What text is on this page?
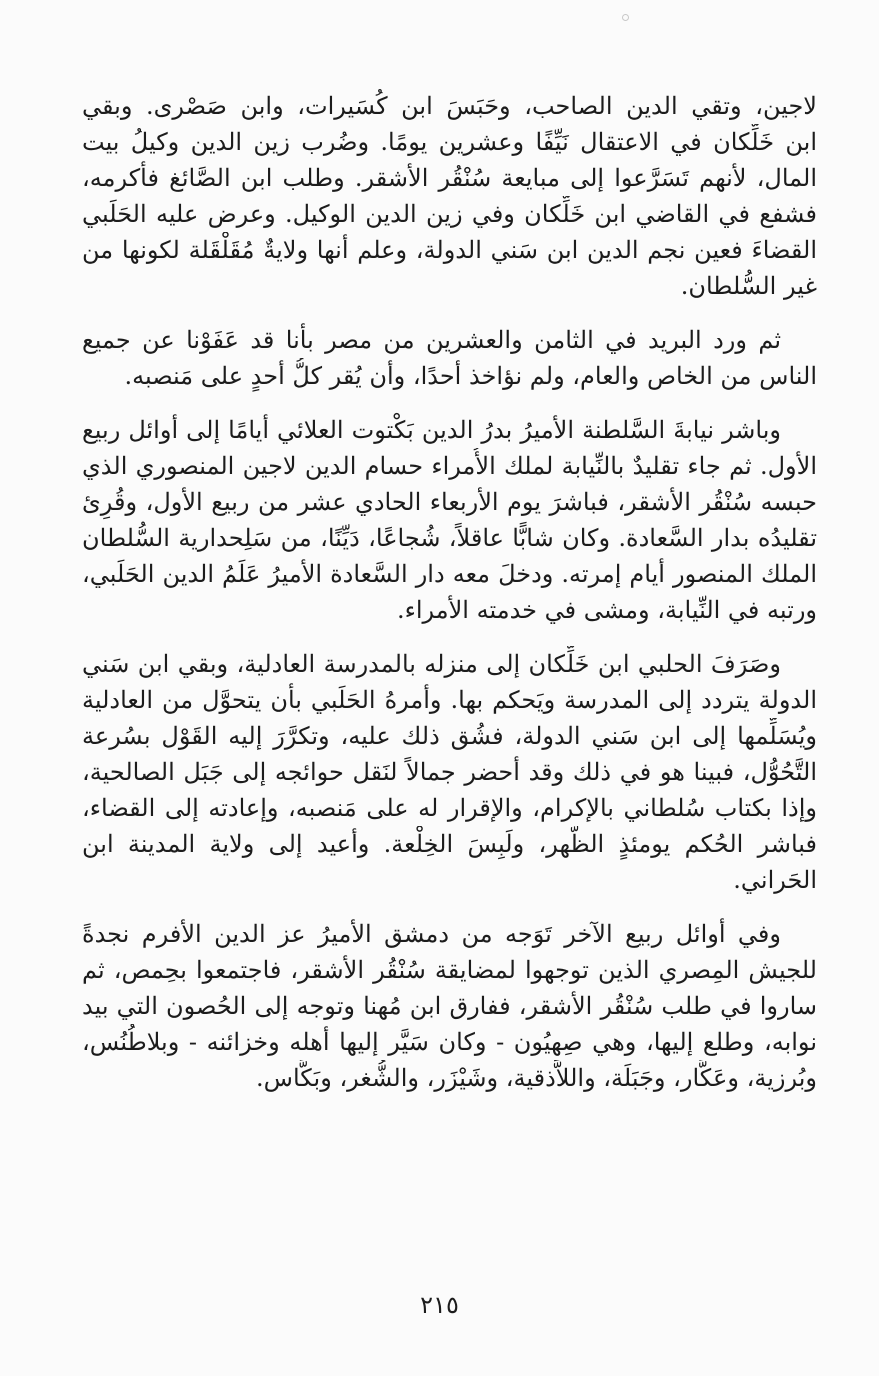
لاجين، وتقي الدين الصاحب، وحَبَسَ ابن كُسَيرات، وابن صَصْرى. وبقي
ابن خَلِّكان في الاعتقال نَيِّفًا وعشرين يومًا. وضُرب زين الدين وكيلُ بيت
المال، لأنهم تَسَرَّعوا إلى مبايعة سُنْقُر الأشقر. وطلب ابن الصَّائغ فأكرمه،
فشفع في القاضي ابن خَلِّكان وفي زين الدين الوكيل. وعرض عليه الحَلَبي
القضاءَ فعين نجم الدين ابن سَني الدولة، وعلم أنها ولايةٌ مُقَلْقَلة لكونها من
غير السُّلطان.
ثم ورد البريد في الثامن والعشرين من مصر بأنا قد عَفَوْنا عن جميع
الناس من الخاص والعام، ولم نؤاخذ أحدًا، وأن يُقر كلُّ أحدٍ على مَنصبه.
وباشر نيابةَ السَّلطنة الأميرُ بدرُ الدين بَكْتوت العلائي أيامًا إلى أوائل ربيع
الأول. ثم جاء تقليدٌ بالنِّيابة لملك الأُمراء حسام الدين لاجين المنصوري الذي
حبسه سُنْقُر الأشقر، فباشرَ يوم الأربعاء الحادي عشر من ربيع الأول، وقُرِئ
تقليدُه بدار السَّعادة. وكان شابًّا عاقلاً، شُجاعًا، دَيِّنًا، من سَلِحدارية السُّلطان
الملك المنصور أيام إمرته. ودخلَ معه دار السَّعادة الأميرُ عَلَمُ الدين الحَلَبي،
ورتبه في النِّيابة، ومشى في خدمته الأمراء.
وصَرَفَ الحلبي ابن خَلِّكان إلى منزله بالمدرسة العادلية، وبقي ابن سَني
الدولة يتردد إلى المدرسة ويَحكم بها. وأمرهُ الحَلَبي بأن يتحوَّل من العادلية
ويُسَلِّمها إلى ابن سَني الدولة، فشُق ذلك عليه، وتكرَّرَ إليه القَوْل بسُرعة
التَّحُوُّل، فبينا هو في ذلك وقد أحضر جمالاً لنَقل حوائجه إلى جَبَل الصالحية،
وإذا بكتاب سُلطاني بالإكرام، والإقرار له على مَنصبه، وإعادته إلى القضاء،
فباشر الحُكم يومئذٍ الظُّهر، ولَبِسَ الخِلْعة. وأعيد إلى ولاية المدينة ابن
الحَراني.
وفي أوائل ربيع الآخر تَوَجه من دمشق الأميرُ عز الدين الأفرم نجدةً
للجيش المِصري الذين توجهوا لمضايقة سُنْقُر الأشقر، فاجتمعوا بحِمص، ثم
ساروا في طلب سُنْقُر الأشقر، ففارق ابن مُهنا وتوجه إلى الحُصون التي بيد
نوابه، وطلع إليها، وهي صِهيُون - وكان سَيَّر إليها أهله وخزائنه - وبلاطُنُس،
وبُرزية، وعَكَّار، وجَبَلَة، واللاَّذقية، وشَيْزَر، والشُّغر، وبَكَّاس.
٢١٥
